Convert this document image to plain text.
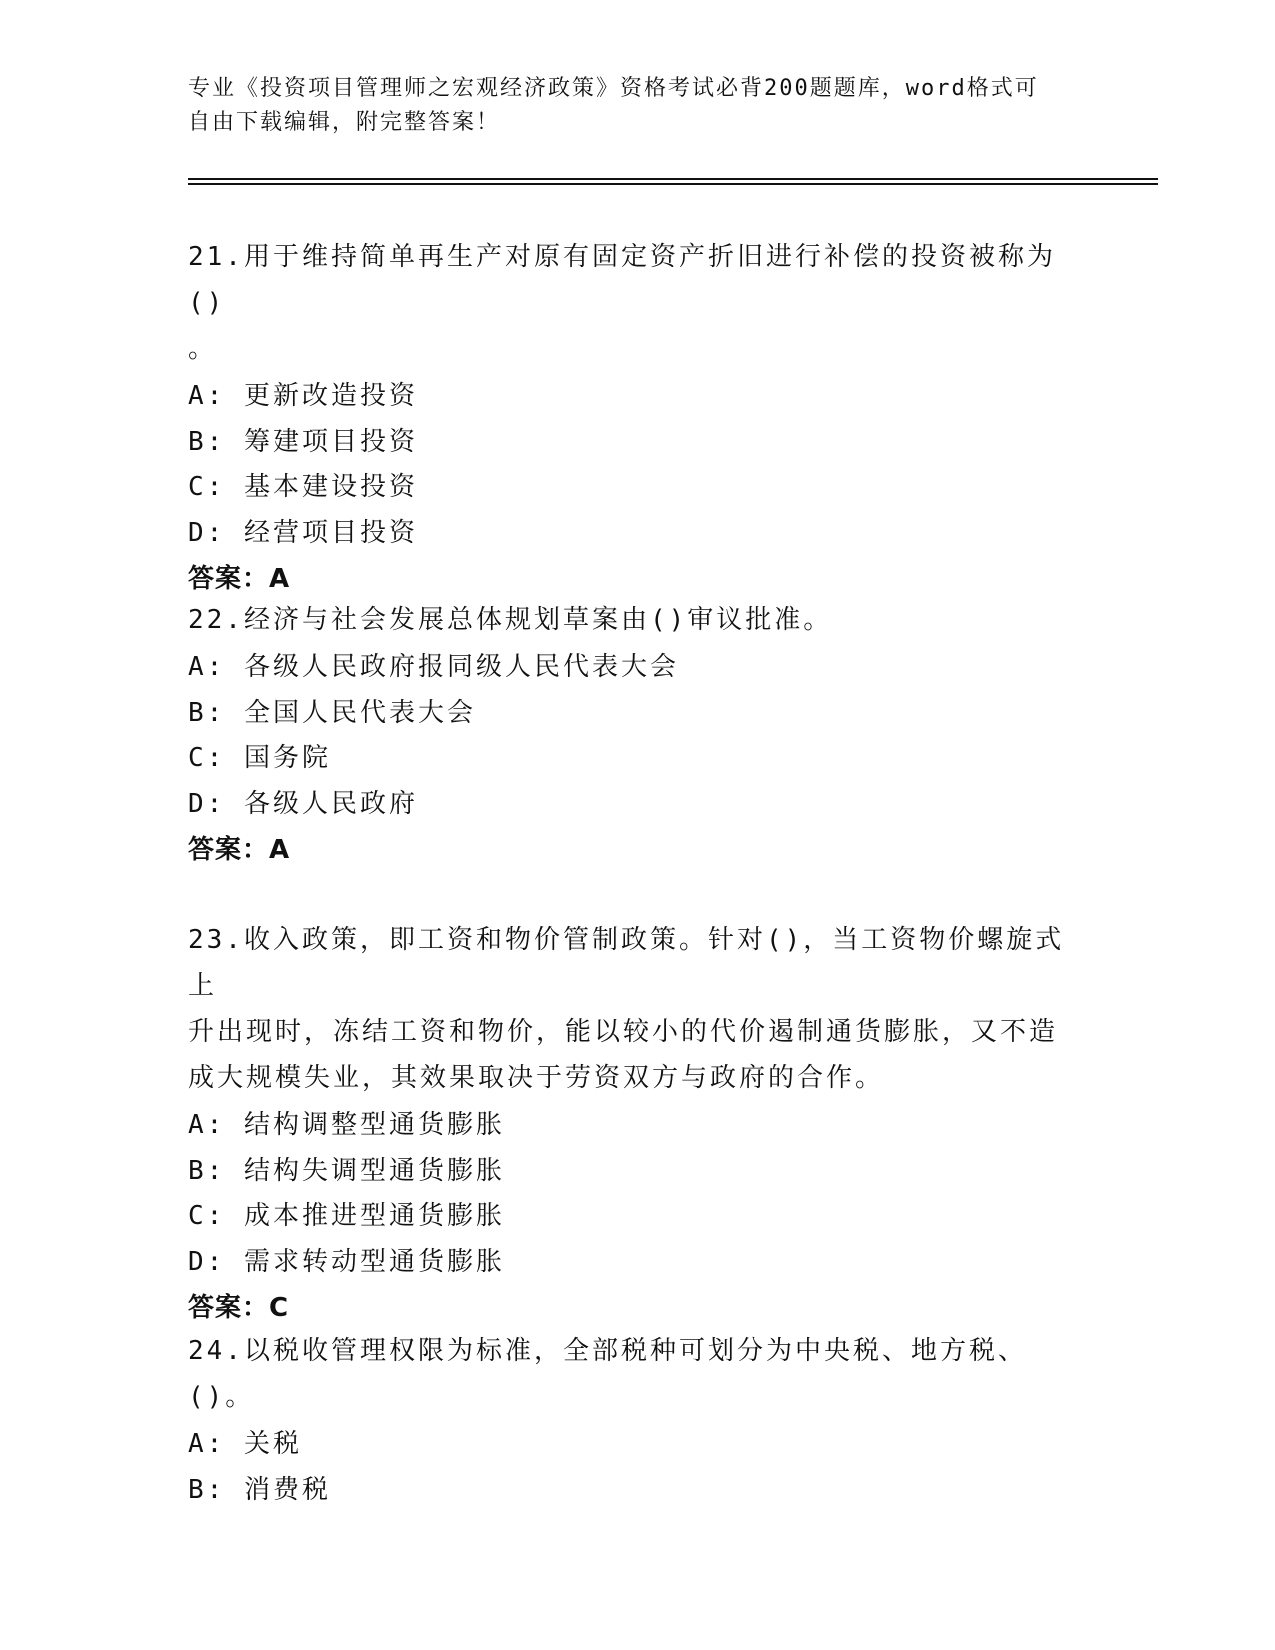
专业《投资项目管理师之宏观经济政策》资格考试必背200题题库，word格式可
自由下载编辑，附完整答案！

21.用于维持简单再生产对原有固定资产折旧进行补偿的投资被称为()
。

A: 更新改造投资

B: 筹建项目投资

C: 基本建设投资

D: 经营项目投资

答案：A

22.经济与社会发展总体规划草案由()审议批准。

A: 各级人民政府报同级人民代表大会

B: 全国人民代表大会

C: 国务院

D: 各级人民政府

答案：A

23.收入政策，即工资和物价管制政策。针对()，当工资物价螺旋式上
升出现时，冻结工资和物价，能以较小的代价遏制通货膨胀，又不造
成大规模失业，其效果取决于劳资双方与政府的合作。

A: 结构调整型通货膨胀

B: 结构失调型通货膨胀

C: 成本推进型通货膨胀

D: 需求转动型通货膨胀

答案：C

24.以税收管理权限为标准，全部税种可划分为中央税、地方税、()。

A: 关税

B: 消费税
